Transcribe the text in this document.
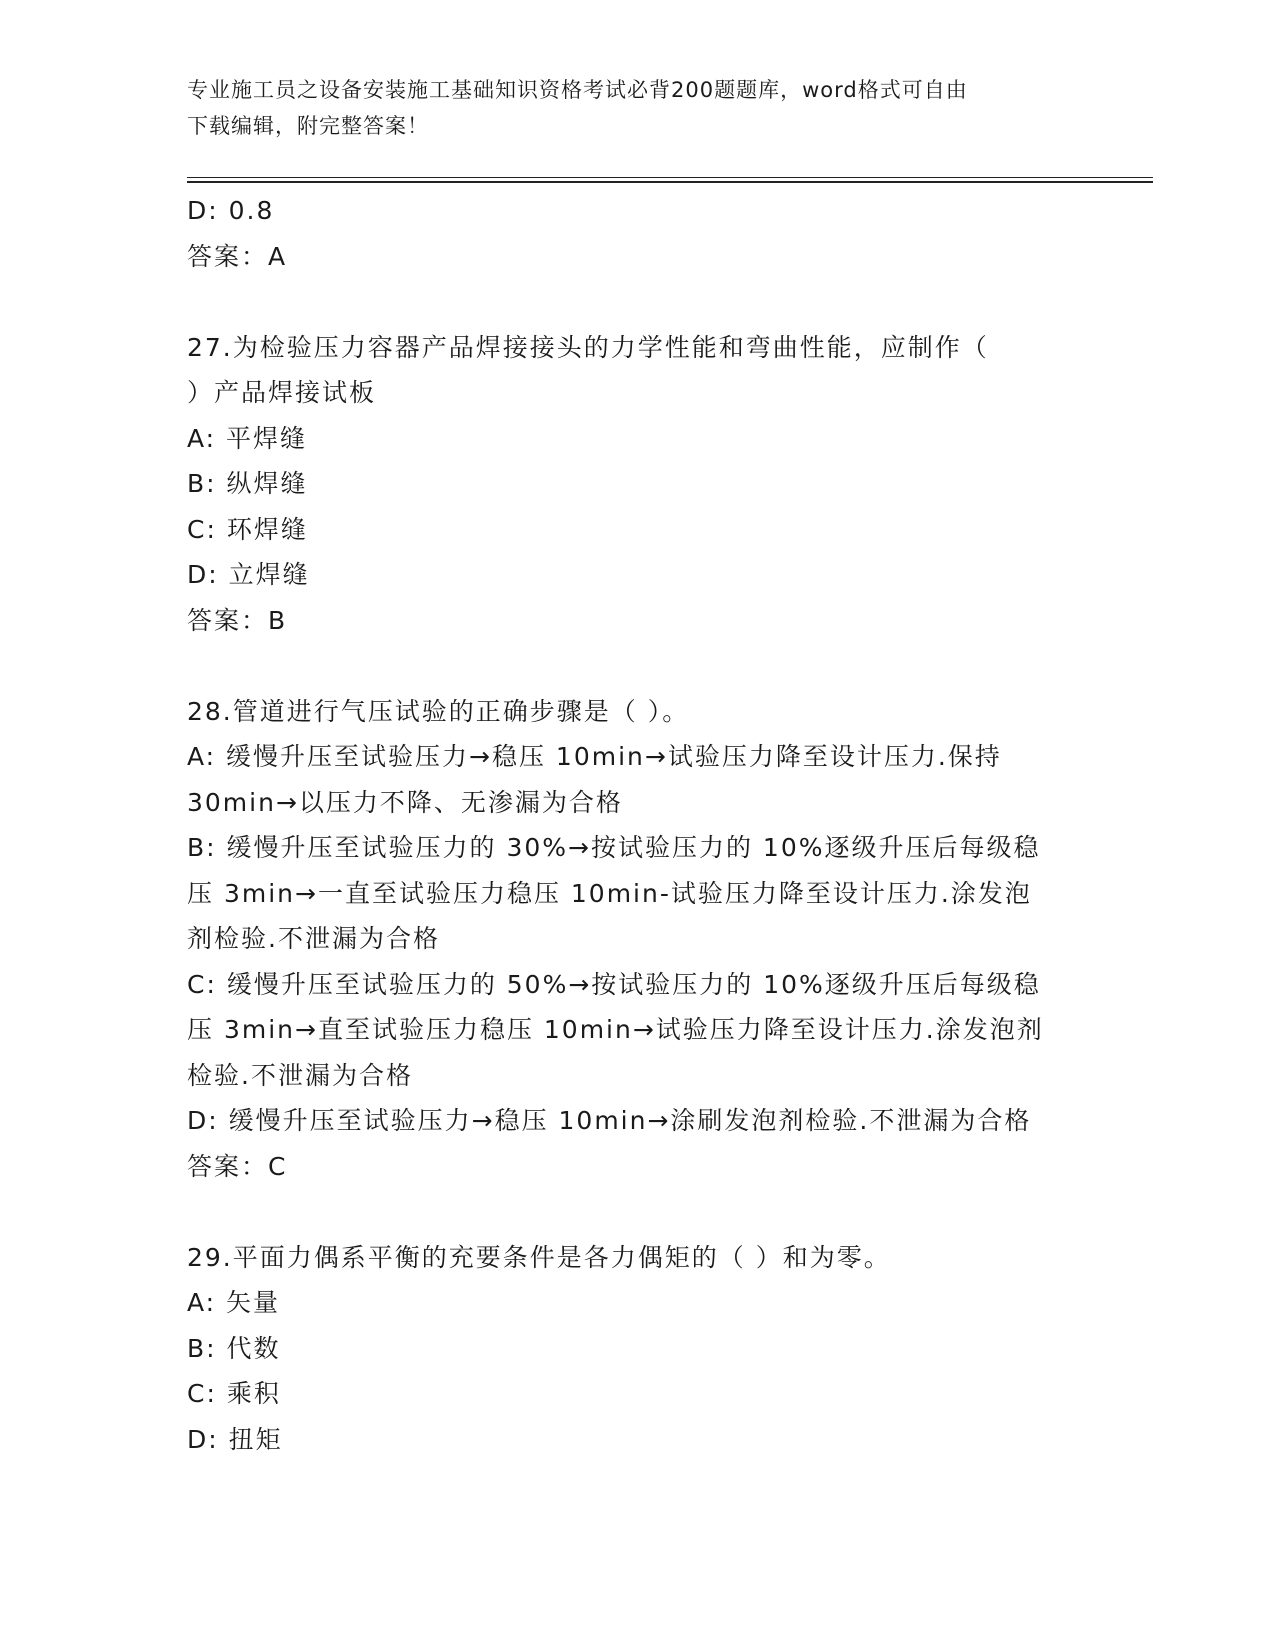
专业施工员之设备安装施工基础知识资格考试必背200题题库，word格式可自由
下载编辑，附完整答案！
D: 0.8
答案：A
27.为检验压力容器产品焊接接头的力学性能和弯曲性能，应制作（
）产品焊接试板
A: 平焊缝
B: 纵焊缝
C: 环焊缝
D: 立焊缝
答案：B
28.管道进行气压试验的正确步骤是（ ）。
A: 缓慢升压至试验压力→稳压 10min→试验压力降至设计压力.保持
30min→以压力不降、无渗漏为合格
B: 缓慢升压至试验压力的 30%→按试验压力的 10%逐级升压后每级稳
压 3min→一直至试验压力稳压 10min-试验压力降至设计压力.涂发泡
剂检验.不泄漏为合格
C: 缓慢升压至试验压力的 50%→按试验压力的 10%逐级升压后每级稳
压 3min→直至试验压力稳压 10min→试验压力降至设计压力.涂发泡剂
检验.不泄漏为合格
D: 缓慢升压至试验压力→稳压 10min→涂刷发泡剂检验.不泄漏为合格
答案：C
29.平面力偶系平衡的充要条件是各力偶矩的（ ）和为零。
A: 矢量
B: 代数
C: 乘积
D: 扭矩
